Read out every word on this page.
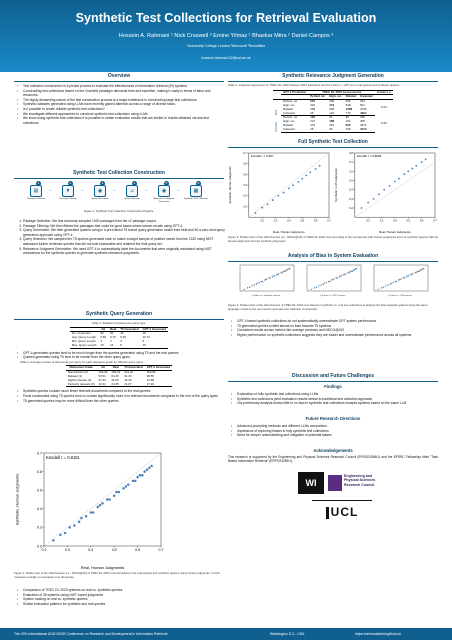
Synthetic Test Collections for Retrieval Evaluation
Hossein A. Rahmani ¹ Nick Craswell ² Emine Yilmaz ¹ Bhaskar Mitra ² Daniel Campos ³
¹University College London ²Microsoft ³Snowflake
hossein.rahmani.22@ucl.ac.uk
Overview
• Test collection construction is a pivotal process to evaluate the effectiveness of information retrieval (IR) systems.
• Constructing test collections based on the Cranfield paradigm demands time and expertise, making it costly in terms of labor and resources.
• The highly demanding nature of the test construction process is a major bottleneck in constructing large test collections.
• Synthetic datasets generated using LLMs have recently gained attention across a range of diverse tasks.
• Is it possible to create reliable synthetic test collections?
• We investigate different approaches to construct synthetic test collections using LLMs.
• We show using synthetic test collections it is possible to obtain evaluation results that are similar to results obtained via real test collections.
Synthetic Test Collection Construction
▤
1
Passage Selection
→	▼
2
Passage Filtering
→	◉
3
Query Generation
→	☺
4
Query Selection
→	◉
5
Relevance Judgment Generation
→	▦
6
Synthetic Test Collection
Figure 1. Synthetic Test Collection Construction Pipeline.
1. Passage Selection: We first randomly sampled 1000 passages from the v2 passage corpus.
2. Passage Filtering: We then filtered the passages that could be good bases where search results using GPT-4.
3. Query Generation: We then generated queries using in a pre-trained T5 based query generation model from field and 50 a zero-shot query generation approach using GPT-4.
4. Query Selection: We sampled the T5 queries generated each to match a target sample of positive seeds from the 2022 using NIST assessors further reviewed queries that did not look reasonable and retained the final query set.
5. Relevance Judgment Generation: We used GPT-4 to automatically label the documents that were originally annotated using NIST annotations for the synthetic queries to generate synthetic relevance judgments.
Synthetic Query Generation
Table 1. Statistics of queries per query type.
	All	Real	T5 Generated	GPT-4 Generated
No. of Queries	82	51	15	16
Avg. Query Length	6.84	5.76	5.49	10.72
Min. Query Length	2	2	4	6
Max. Query Length	15	14	8	15
• GPT-4 generated queries tend to be much longer than the queries generated using T5 and the real queries
• Queries generated using T5 tend to be shorter than the other query types.
Table 2. Average number of documents per query for each relevance grade for different query types.
Relevance Grade	All	Real	T5 Generated	GPT-4 Generated
Nonrelevant (0)	169.09	159.31	213.20	164.88
Related (1)	53.51	64.15	31.20	38.55
Highly relevant (2)	27.54	31.60	19.46	21.88
Perfectly relevant (3)	22.31	24.35	21.07	17.94
• Synthetic queries contain much fewer relevant documents compared to the real queries
• Pools constructed using T5 queries tend to contain significantly more non-relevant documents compared to the rest of the query types
• T5 generated queries may be more difficult than the other queries
0.2	0.3	0.4	0.5	0.6	0.7
0.2
0.3
0.4
0.5
0.6
0.7
Kendall τ = 0.8151
Real, Human Judgments
Synthetic, Human Judgments
Figure 2. Scatter plot of the effectiveness (i.e., NDCG@10) of TREC DL 2023 runs according to the real queries and synthetic queries using human judgments. In both measures a single run averaged over all queries.
• Comparison of TREC DL 2023 systems on real vs. synthetic queries
• Evaluation of 35 systems using NIST expert judgments
• System ranking on real vs. synthetic queries
• Similar evaluation patterns for synthetic and real queries
Synthetic Relevance Judgment Generation
Table 3. Judgment agreement on TREC DL 2023 between NIST assessors and the LLM (i.e., GPT-4) on real queries and synthetic queries.
	GPT-4 Prediction	TREC DL 2023 Assessments				Cohen's κ
		Perfect rel.	High. rel.	Related	Irrelevant	
Real	Perfect. rel.	597	469	496	324	0.24
	High. rel.	322	473	648	501	
	Related	298	548	1358	2736	
	Irrelevant	25	122	770	4964	
Synthetic	Perfect. rel.	164	51	80	150	0.26
	High. rel.	227	188	194	305	
	Related	170	301	695	1871	
	Irrelevant	25	66	168	3415	
Full Synthetic Test Collection
0.2	0.3	0.4	0.5	0.6	0.7
0.2
0.3
0.4
0.5
0.6
0.7
Kendall τ = 0.857
Real, Human Judgments
Synthetic, Human Judgments
0.2	0.3	0.4	0.5	0.6	0.7
0.2
0.3
0.4
0.5
0.6
0.7
0.8
Kendall τ = 0.8968
Real, Human Judgments
Synthetic, LLM Judgments
Figure 3. Scatter plots of the effectiveness (i.e., NDCG@10) of TREC DL 2023 runs according to the real queries with human judgments and our synthetic queries with (a) human judgments and (b) synthetic judgments.
Analysis of Bias in System Evaluation
(a) Bias vs. Synthetic queries	(b) Bias vs. T5/T5 queries	(c) Bias vs. LLM queries
Figure 4. Scatter plots of the effectiveness of TREC DL 2023 runs based on synthetic vs. real test collections to analyze the bias towards systems using the same language model as the one used to generate test collection construction.
• GPT-4 based synthetic collections do not systematically overestimate GPT system performance
• T5 generated queries exhibit almost no bias towards T5 systems
• Consistent results across metrics like average precision and NDCG@100
• Higher performance on synthetic collections suggests they are easier and overestimate performance across all systems
Discussion and Future Challenges
Findings
• Exploration of fully synthetic test collections using LLMs
• Synthetic test collections yield evaluation results similar to traditional test collection approach
• Our preliminary analysis shows little to no bias in synthetic test collections towards systems based on the same LLM
Future Research Directions
• Advanced prompting methods and different LLMs comparison
• Importance of exploring biases in fully synthetic test collections
• Need for deeper understanding and mitigation of potential biases
Acknowledgements
This research is supported by the Engineering and Physical Sciences Research Council (EP/S021566/1) and the EPSRC Fellowship titled "Task Based Information Retrieval" (EP/P024289/1).
WI
Engineering and
Physical Sciences
Research Council
UCL
The 47th International ACM SIGIR Conference on Research and Development in Information Retrieval	Washington D.C., USA	https://rahmanidashti.github.io/
